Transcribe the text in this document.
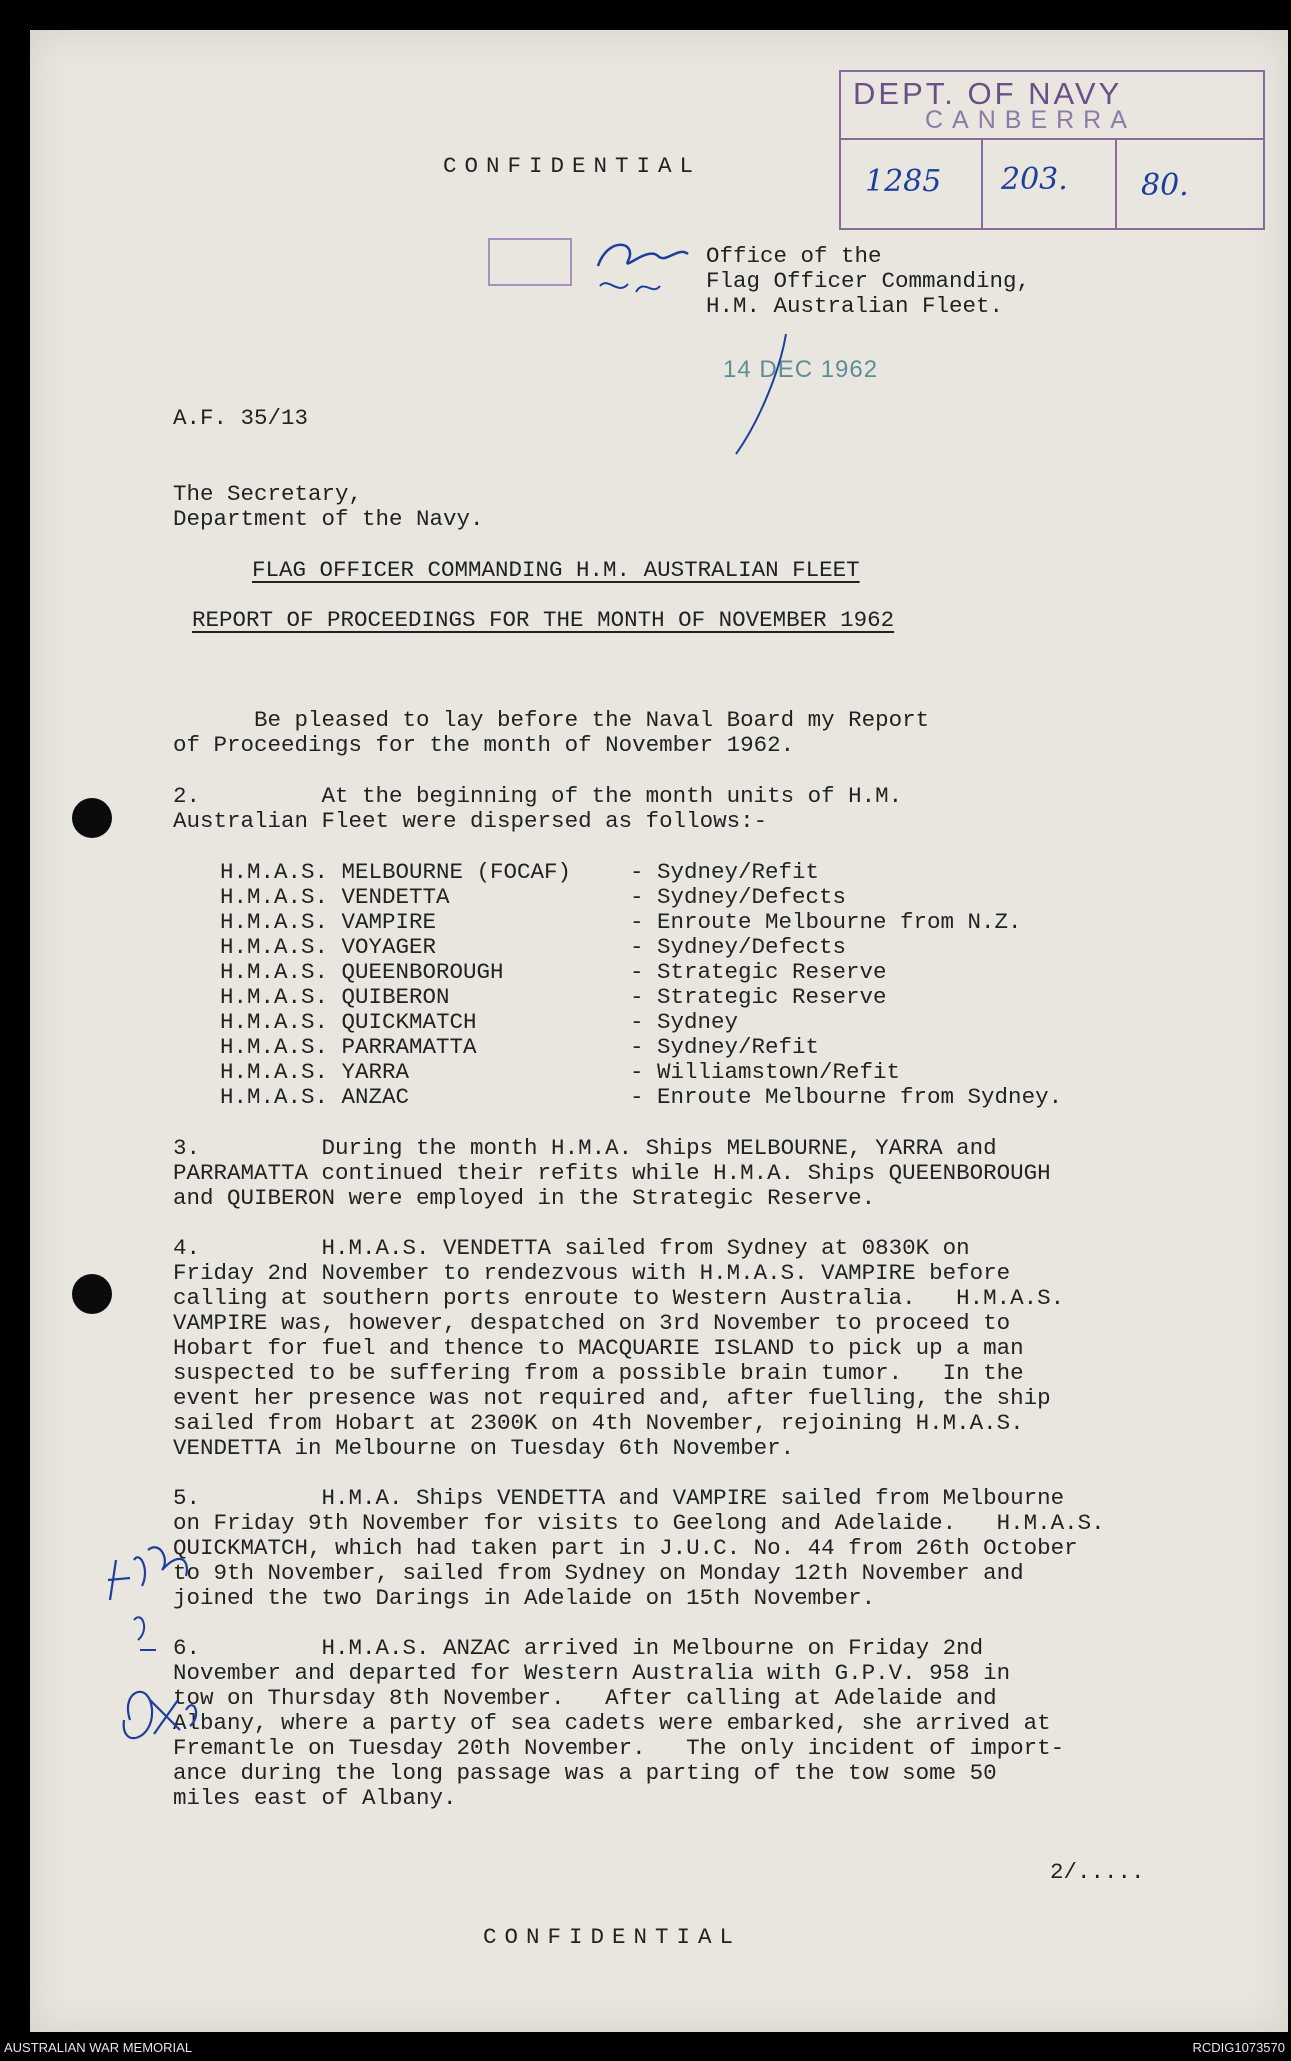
CONFIDENTIAL
DEPT. OF NAVY
CANBERRA
1285 203. 80.
Office of the
Flag Officer Commanding,
H.M. Australian Fleet.
14 DEC 1962
A.F. 35/13
The Secretary,
Department of the Navy.
FLAG OFFICER COMMANDING H.M. AUSTRALIAN FLEET
REPORT OF PROCEEDINGS FOR THE MONTH OF NOVEMBER 1962
Be pleased to lay before the Naval Board my Report
of Proceedings for the month of November 1962.
2.         At the beginning of the month units of H.M.
Australian Fleet were dispersed as follows:-
H.M.A.S. MELBOURNE (FOCAF)	- Sydney/Refit
H.M.A.S. VENDETTA	- Sydney/Defects
H.M.A.S. VAMPIRE	- Enroute Melbourne from N.Z.
H.M.A.S. VOYAGER	- Sydney/Defects
H.M.A.S. QUEENBOROUGH	- Strategic Reserve
H.M.A.S. QUIBERON	- Strategic Reserve
H.M.A.S. QUICKMATCH	- Sydney
H.M.A.S. PARRAMATTA	- Sydney/Refit
H.M.A.S. YARRA	- Williamstown/Refit
H.M.A.S. ANZAC	- Enroute Melbourne from Sydney.
3.         During the month H.M.A. Ships MELBOURNE, YARRA and
PARRAMATTA continued their refits while H.M.A. Ships QUEENBOROUGH
and QUIBERON were employed in the Strategic Reserve.
4.         H.M.A.S. VENDETTA sailed from Sydney at 0830K on
Friday 2nd November to rendezvous with H.M.A.S. VAMPIRE before
calling at southern ports enroute to Western Australia.   H.M.A.S.
VAMPIRE was, however, despatched on 3rd November to proceed to
Hobart for fuel and thence to MACQUARIE ISLAND to pick up a man
suspected to be suffering from a possible brain tumor.   In the
event her presence was not required and, after fuelling, the ship
sailed from Hobart at 2300K on 4th November, rejoining H.M.A.S.
VENDETTA in Melbourne on Tuesday 6th November.
5.         H.M.A. Ships VENDETTA and VAMPIRE sailed from Melbourne
on Friday 9th November for visits to Geelong and Adelaide.   H.M.A.S.
QUICKMATCH, which had taken part in J.U.C. No. 44 from 26th October
to 9th November, sailed from Sydney on Monday 12th November and
joined the two Darings in Adelaide on 15th November.
6.         H.M.A.S. ANZAC arrived in Melbourne on Friday 2nd
November and departed for Western Australia with G.P.V. 958 in
tow on Thursday 8th November.   After calling at Adelaide and
Albany, where a party of sea cadets were embarked, she arrived at
Fremantle on Tuesday 20th November.   The only incident of import-
ance during the long passage was a parting of the tow some 50
miles east of Albany.
2/.....
CONFIDENTIAL
AUSTRALIAN WAR MEMORIAL	RCDIG1073570
